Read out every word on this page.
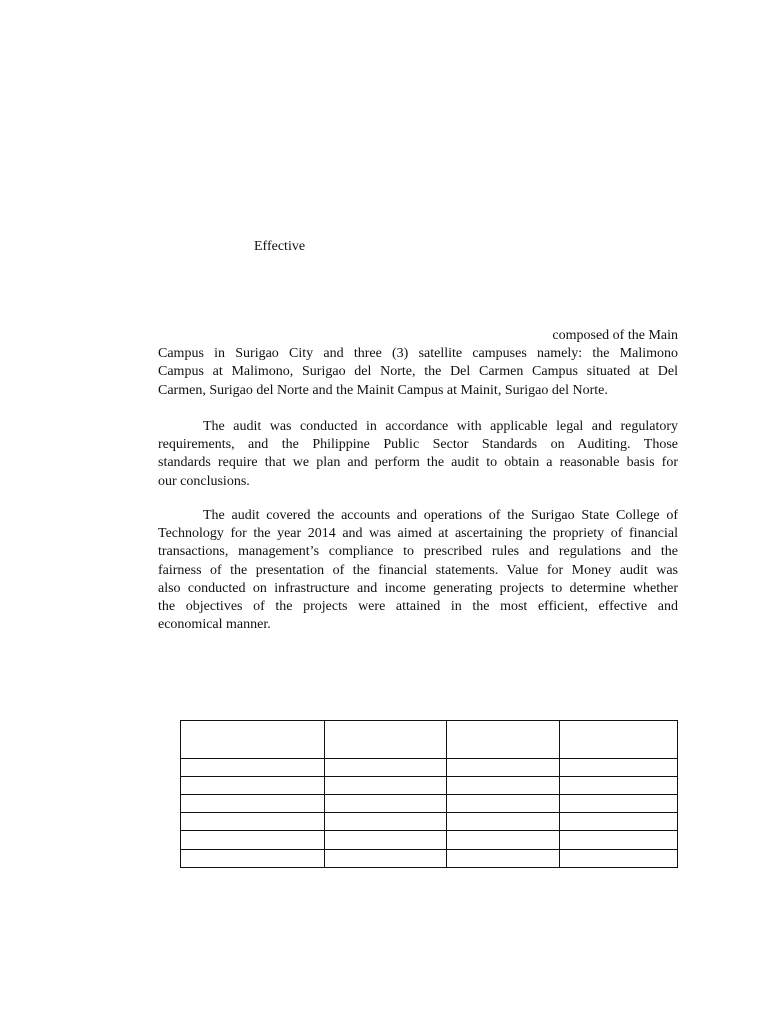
Effective
composed of the Main
Campus in Surigao City and three (3) satellite campuses namely: the Malimono
Campus at Malimono, Surigao del Norte, the Del Carmen Campus situated at Del
Carmen, Surigao del Norte and the Mainit Campus at Mainit, Surigao del Norte.
The audit was conducted in accordance with applicable legal and regulatory
requirements, and the Philippine Public Sector Standards on Auditing. Those
standards require that we plan and perform the audit to obtain a reasonable basis for
our conclusions.
The audit covered the accounts and operations of the Surigao State College of
Technology for the year 2014 and was aimed at ascertaining the propriety of financial
transactions, management’s compliance to prescribed rules and regulations and the
fairness of the presentation of the financial statements. Value for Money audit was
also conducted on infrastructure and income generating projects to determine whether
the objectives of the projects were attained in the most efficient, effective and
economical manner.
